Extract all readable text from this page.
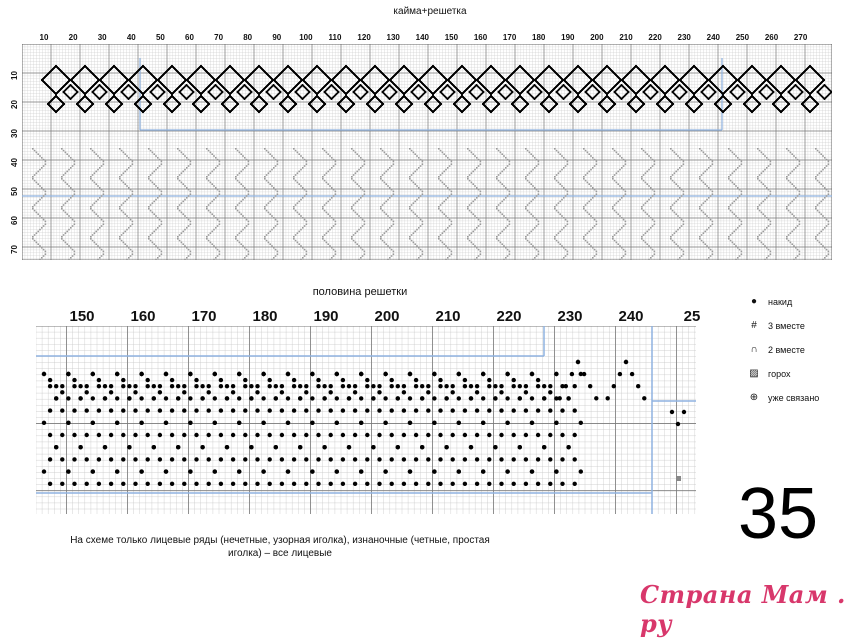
кайма+решетка
10	20	30	40	50	60	70	80	90 100 110 120 130 140 150 160 170 180 190 200 210 220 230 240 250 260 270
10
20
30
40
50
60
70
половина решетки
150 160 170 180 190 200 210 220 230 240	25
●	накид
#	3 вместе
∩ 2 вместе
▨ горох
⊕ уже связано
35
На схеме только лицевые ряды (нечетные, узорная иголка), изнаночные (четные, простая иголка) – все лицевые
Страна Мам . ру
